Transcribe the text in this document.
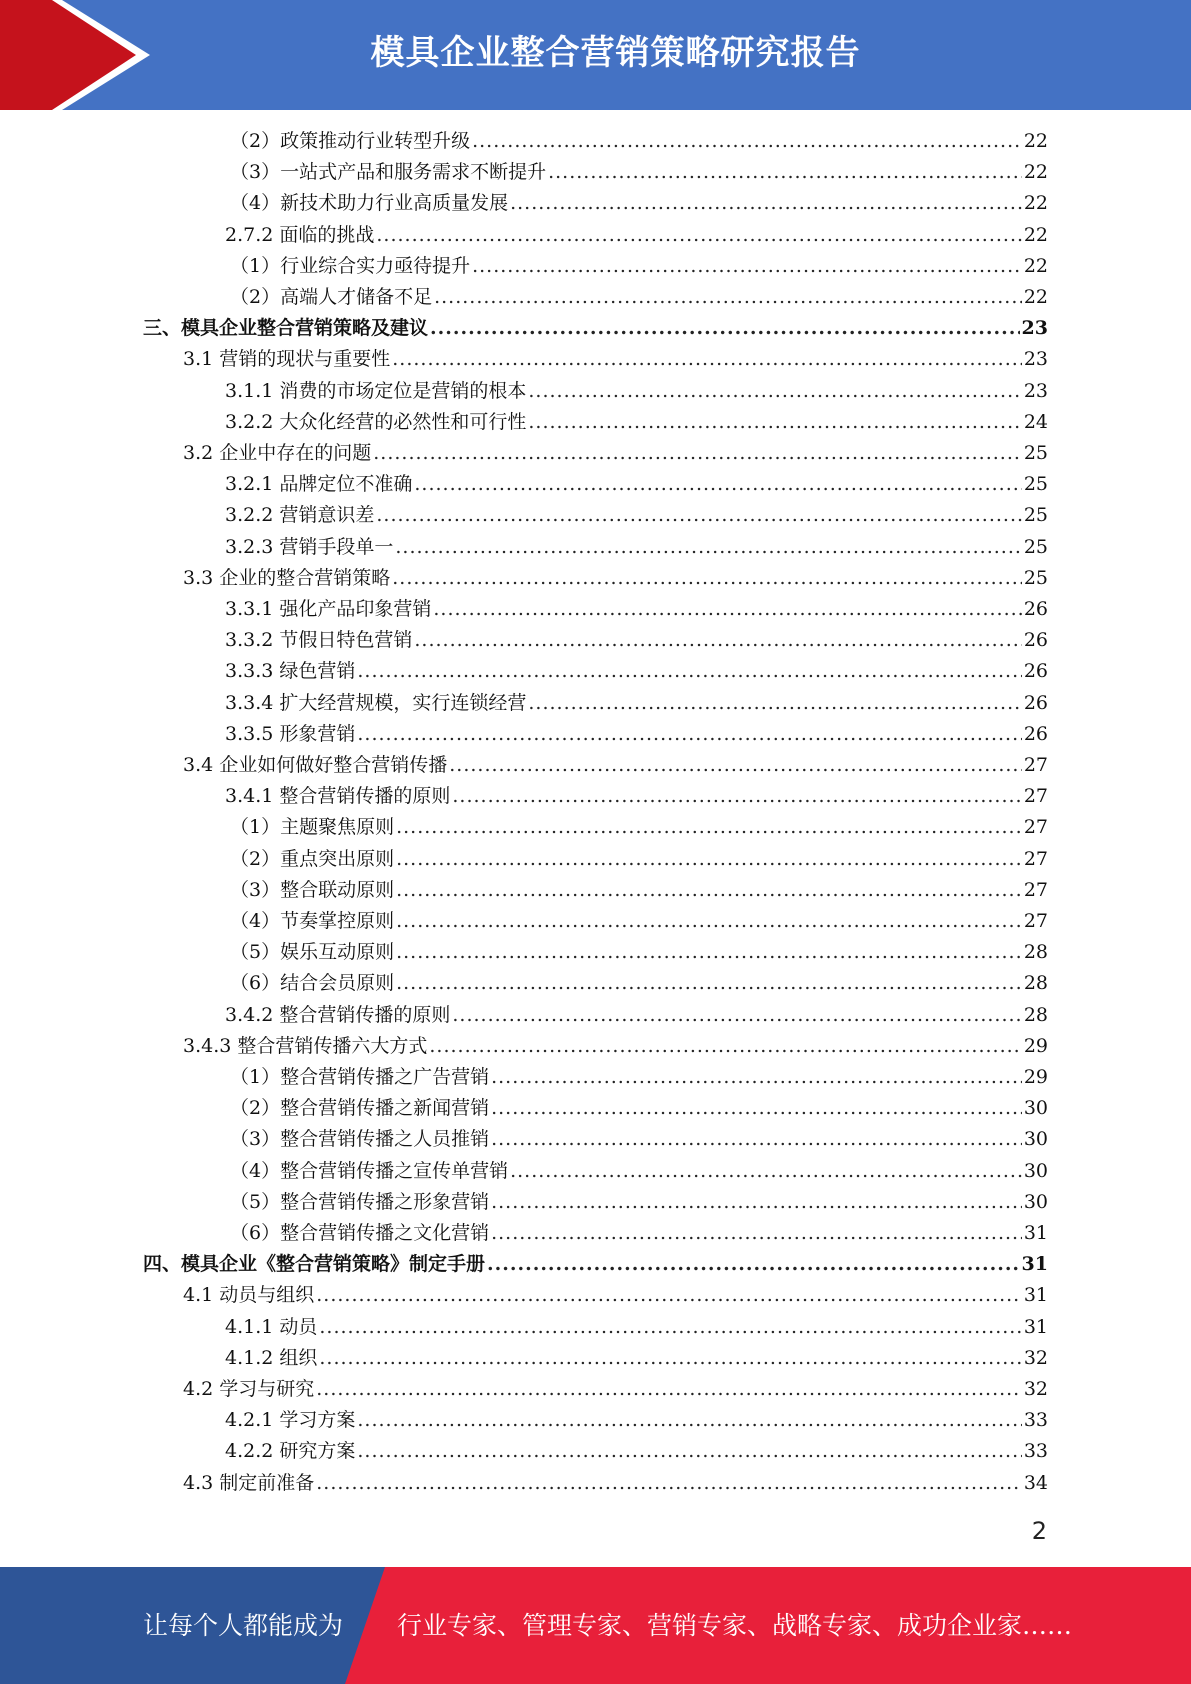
模具企业整合营销策略研究报告
（2）政策推动行业转型升级 .....	22
（3）一站式产品和服务需求不断提升 .....	22
（4）新技术助力行业高质量发展 .....	22
2.7.2 面临的挑战 .....	22
（1）行业综合实力亟待提升 .....	22
（2）高端人才储备不足 .....	22
三、模具企业整合营销策略及建议 .....	23
3.1 营销的现状与重要性 .....	23
3.1.1 消费的市场定位是营销的根本 .....	23
3.2.2 大众化经营的必然性和可行性 .....	24
3.2 企业中存在的问题 .....	25
3.2.1 品牌定位不准确 .....	25
3.2.2 营销意识差 .....	25
3.2.3 营销手段单一 .....	25
3.3 企业的整合营销策略 .....	25
3.3.1 强化产品印象营销 .....	26
3.3.2 节假日特色营销 .....	26
3.3.3 绿色营销 .....	26
3.3.4 扩大经营规模，实行连锁经营 .....	26
3.3.5 形象营销 .....	26
3.4 企业如何做好整合营销传播 .....	27
3.4.1 整合营销传播的原则 .....	27
（1）主题聚焦原则 .....	27
（2）重点突出原则 .....	27
（3）整合联动原则 .....	27
（4）节奏掌控原则 .....	27
（5）娱乐互动原则 .....	28
（6）结合会员原则 .....	28
3.4.2 整合营销传播的原则 .....	28
3.4.3 整合营销传播六大方式 .....	29
（1）整合营销传播之广告营销 .....	29
（2）整合营销传播之新闻营销 .....	30
（3）整合营销传播之人员推销 .....	30
（4）整合营销传播之宣传单营销 .....	30
（5）整合营销传播之形象营销 .....	30
（6）整合营销传播之文化营销 .....	31
四、模具企业《整合营销策略》制定手册 .....	31
4.1 动员与组织 .....	31
4.1.1 动员 .....	31
4.1.2 组织 .....	32
4.2 学习与研究 .....	32
4.2.1 学习方案 .....	33
4.2.2 研究方案 .....	33
4.3 制定前准备 .....	34
2
让每个人都能成为 行业专家、管理专家、营销专家、战略专家、成功企业家……
